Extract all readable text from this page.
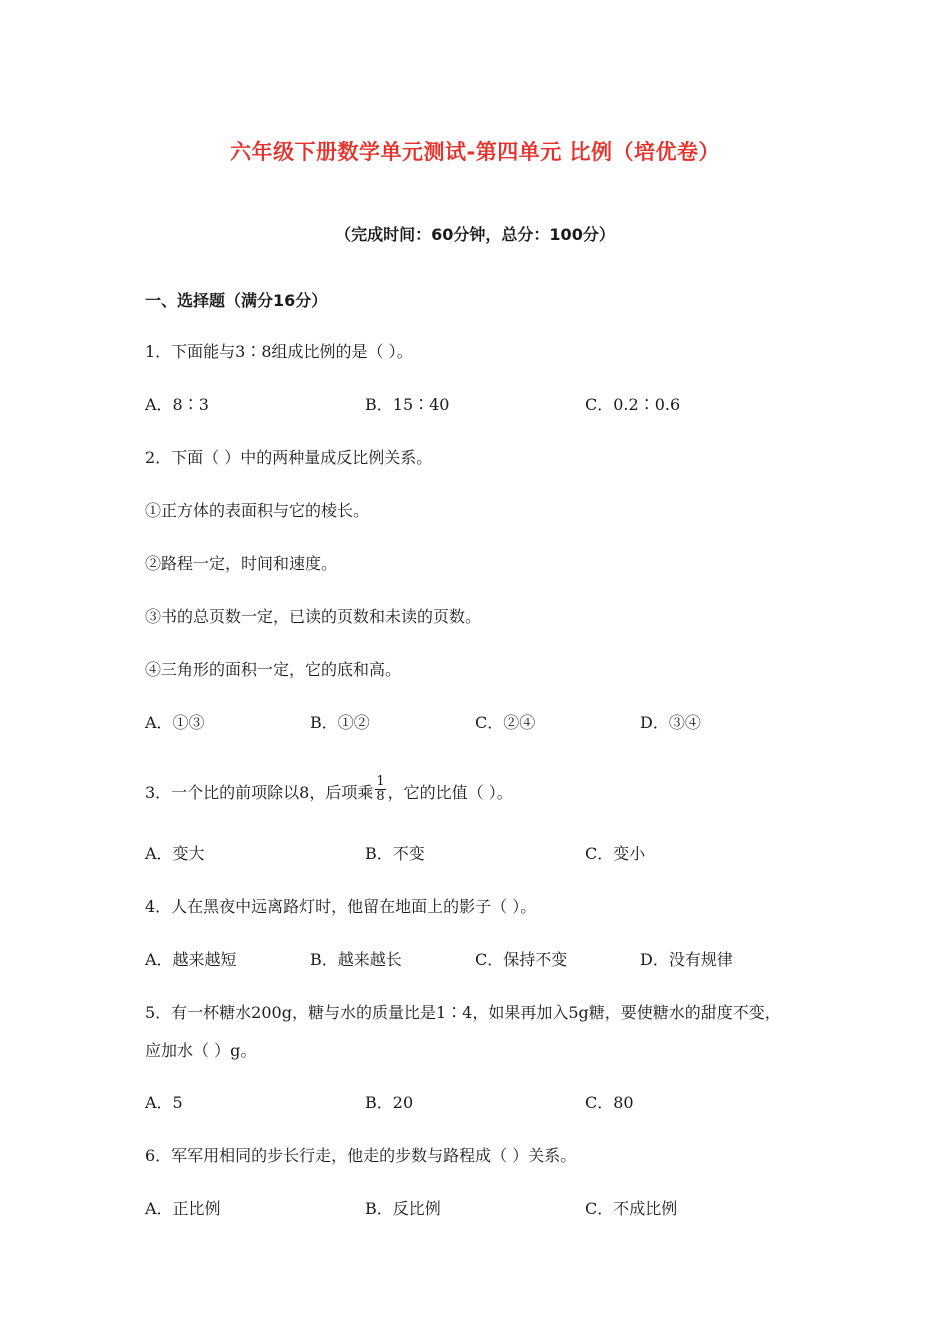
六年级下册数学单元测试-第四单元 比例（培优卷）
（完成时间：60分钟，总分：100分）
一、选择题（满分16分）
1．下面能与3∶8组成比例的是（ ）。
A．8∶3	B．15∶40	C．0.2∶0.6
2．下面（ ）中的两种量成反比例关系。
①正方体的表面积与它的棱长。
②路程一定，时间和速度。
③书的总页数一定，已读的页数和未读的页数。
④三角形的面积一定，它的底和高。
A．①③	B．①②	C．②④	D．③④
3．一个比的前项除以8，后项乘 $\frac{1}{8}$ ，它的比值（ ）。
A．变大	B．不变	C．变小
4．人在黑夜中远离路灯时，他留在地面上的影子（ ）。
A．越来越短	B．越来越长	C．保持不变	D．没有规律
5．有一杯糖水200g，糖与水的质量比是1∶4，如果再加入5g糖，要使糖水的甜度不变，
应加水（ ）g。
A．5	B．20	C．80
6．军军用相同的步长行走，他走的步数与路程成（ ）关系。
A．正比例	B．反比例	C．不成比例
